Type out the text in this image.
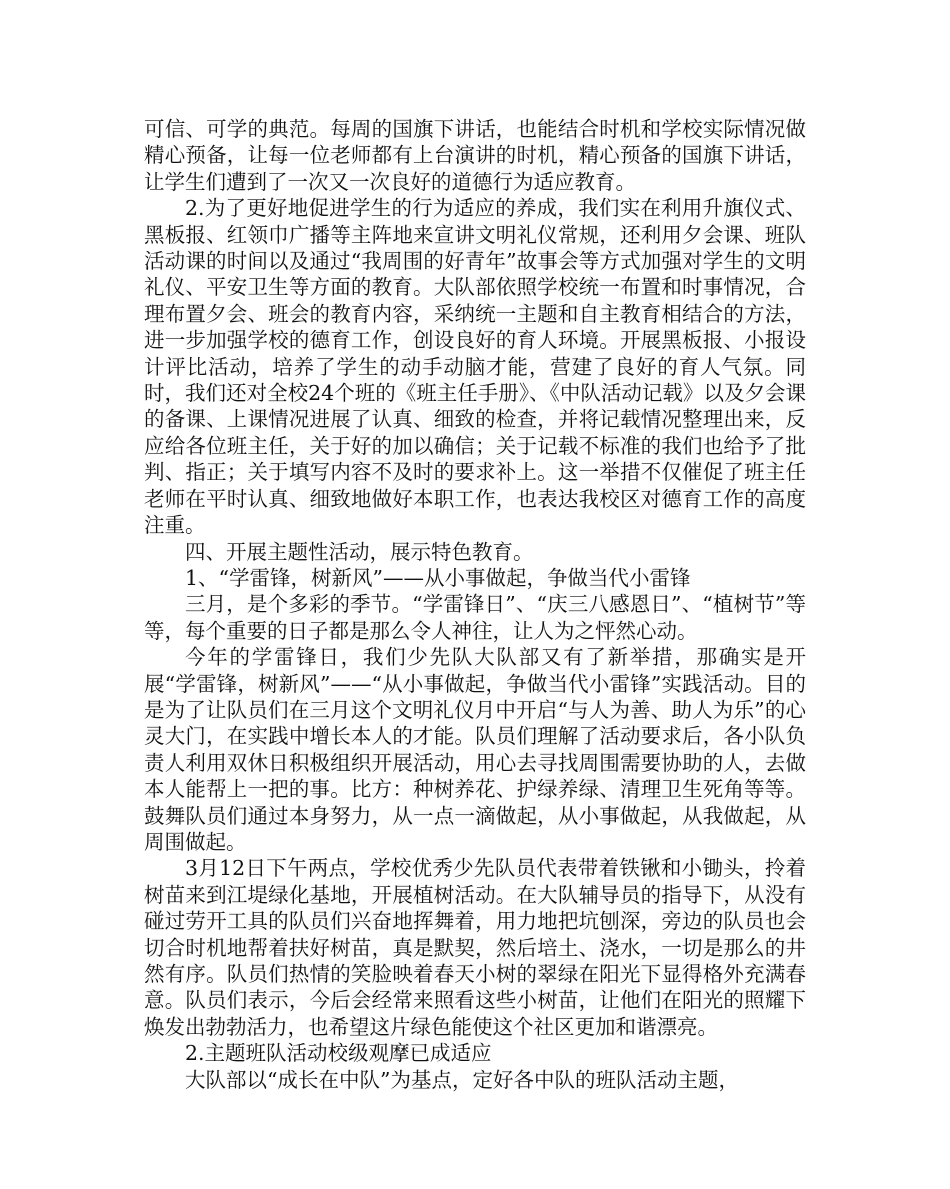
可信、可学的典范。每周的国旗下讲话，也能结合时机和学校实际情况做精心预备，让每一位老师都有上台演讲的时机，精心预备的国旗下讲话，让学生们遭到了一次又一次良好的道德行为适应教育。

2.为了更好地促进学生的行为适应的养成，我们实在利用升旗仪式、黑板报、红领巾广播等主阵地来宣讲文明礼仪常规，还利用夕会课、班队活动课的时间以及通过“我周围的好青年”故事会等方式加强对学生的文明礼仪、平安卫生等方面的教育。大队部依照学校统一布置和时事情况，合理布置夕会、班会的教育内容，采纳统一主题和自主教育相结合的方法，进一步加强学校的德育工作，创设良好的育人环境。开展黑板报、小报设计评比活动，培养了学生的动手动脑才能，营建了良好的育人气氛。同时，我们还对全校24个班的《班主任手册》、《中队活动记载》以及夕会课的备课、上课情况进展了认真、细致的检查，并将记载情况整理出来，反应给各位班主任，关于好的加以确信；关于记载不标准的我们也给予了批判、指正；关于填写内容不及时的要求补上。这一举措不仅催促了班主任老师在平时认真、细致地做好本职工作，也表达我校区对德育工作的高度注重。

四、开展主题性活动，展示特色教育。

1、“学雷锋，树新风”——从小事做起，争做当代小雷锋

三月，是个多彩的季节。“学雷锋日”、“庆三八感恩日”、“植树节”等等，每个重要的日子都是那么令人神往，让人为之怦然心动。

今年的学雷锋日，我们少先队大队部又有了新举措，那确实是开展“学雷锋，树新风”——“从小事做起，争做当代小雷锋”实践活动。目的是为了让队员们在三月这个文明礼仪月中开启“与人为善、助人为乐”的心灵大门，在实践中增长本人的才能。队员们理解了活动要求后，各小队负责人利用双休日积极组织开展活动，用心去寻找周围需要协助的人，去做本人能帮上一把的事。比方：种树养花、护绿养绿、清理卫生死角等等。鼓舞队员们通过本身努力，从一点一滴做起，从小事做起，从我做起，从周围做起。

3月12日下午两点，学校优秀少先队员代表带着铁锹和小锄头，拎着树苗来到江堤绿化基地，开展植树活动。在大队辅导员的指导下，从没有碰过劳开工具的队员们兴奋地挥舞着，用力地把坑刨深，旁边的队员也会切合时机地帮着扶好树苗，真是默契，然后培土、浇水，一切是那么的井然有序。队员们热情的笑脸映着春天小树的翠绿在阳光下显得格外充满春意。队员们表示，今后会经常来照看这些小树苗，让他们在阳光的照耀下焕发出勃勃活力，也希望这片绿色能使这个社区更加和谐漂亮。

2.主题班队活动校级观摩已成适应

大队部以“成长在中队”为基点，定好各中队的班队活动主题，
